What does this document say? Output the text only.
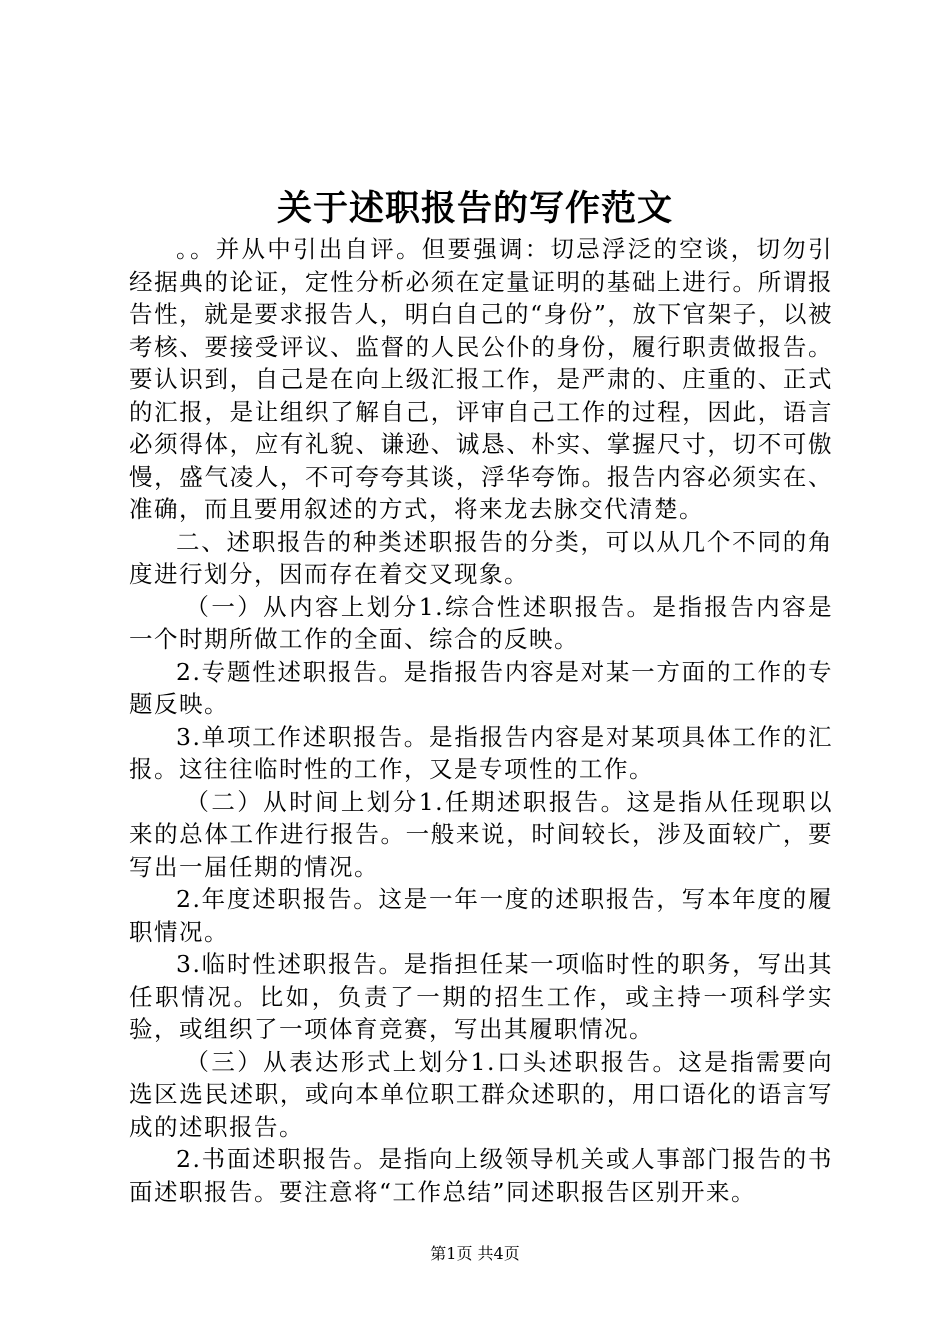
关于述职报告的写作范文

。。并从中引出自评。但要强调：切忌浮泛的空谈，切勿引经据典的论证，定性分析必须在定量证明的基础上进行。所谓报告性，就是要求报告人，明白自己的“身份”，放下官架子，以被考核、要接受评议、监督的人民公仆的身份，履行职责做报告。要认识到，自己是在向上级汇报工作，是严肃的、庄重的、正式的汇报，是让组织了解自己，评审自己工作的过程，因此，语言必须得体，应有礼貌、谦逊、诚恳、朴实、掌握尺寸，切不可傲慢，盛气凌人，不可夸夸其谈，浮华夸饰。报告内容必须实在、准确，而且要用叙述的方式，将来龙去脉交代清楚。

二、述职报告的种类述职报告的分类，可以从几个不同的角度进行划分，因而存在着交叉现象。

（一）从内容上划分1.综合性述职报告。是指报告内容是一个时期所做工作的全面、综合的反映。

2.专题性述职报告。是指报告内容是对某一方面的工作的专题反映。

3.单项工作述职报告。是指报告内容是对某项具体工作的汇报。这往往临时性的工作，又是专项性的工作。

（二）从时间上划分1.任期述职报告。这是指从任现职以来的总体工作进行报告。一般来说，时间较长，涉及面较广，要写出一届任期的情况。

2.年度述职报告。这是一年一度的述职报告，写本年度的履职情况。

3.临时性述职报告。是指担任某一项临时性的职务，写出其任职情况。比如，负责了一期的招生工作，或主持一项科学实验，或组织了一项体育竞赛，写出其履职情况。

（三）从表达形式上划分1.口头述职报告。这是指需要向选区选民述职，或向本单位职工群众述职的，用口语化的语言写成的述职报告。

2.书面述职报告。是指向上级领导机关或人事部门报告的书面述职报告。要注意将“工作总结”同述职报告区别开来。

第1页 共4页
